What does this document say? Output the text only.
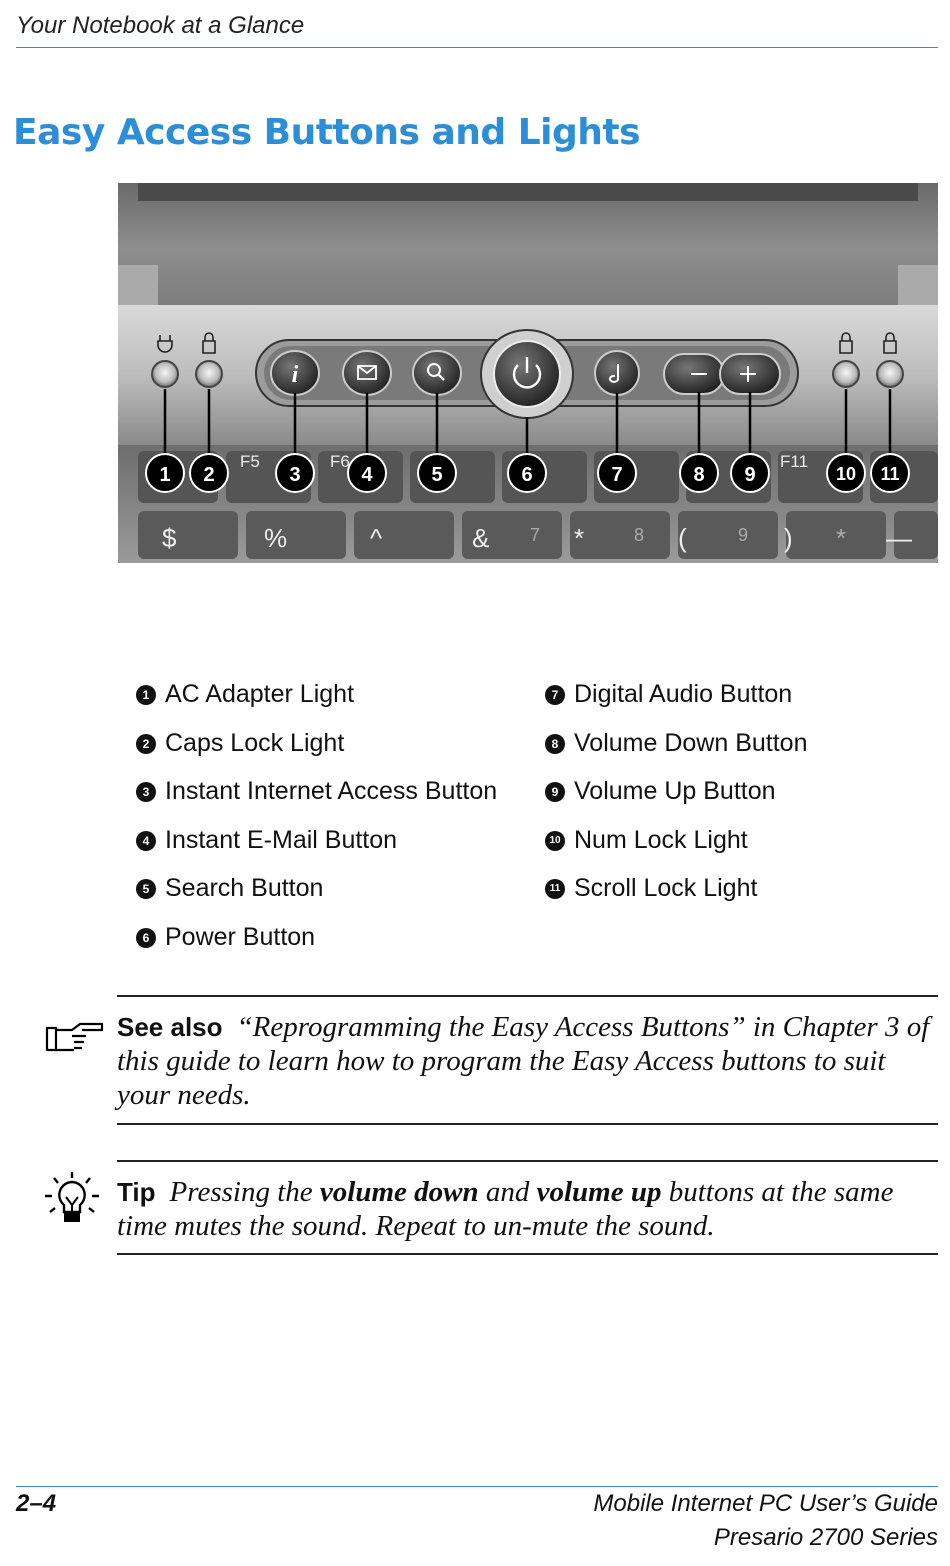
Your Notebook at a Glance
Easy Access Buttons and Lights
F5	F6	F11
$	%	^	& 7 *	8 (	9 ) * —
i
1 2	3	4	5	6	7	8 9	10 11
1 AC Adapter Light
2 Caps Lock Light
3 Instant Internet Access Button
4 Instant E-Mail Button
5 Search Button
6 Power Button
7 Digital Audio Button
8 Volume Down Button
9 Volume Up Button
10 Num Lock Light
11 Scroll Lock Light
See also “Reprogramming the Easy Access Buttons” in Chapter 3 of this guide to learn how to program the Easy Access buttons to suit your needs.
Tip Pressing the volume down and volume up buttons at the same time mutes the sound. Repeat to un-mute the sound.
2–4	Mobile Internet PC User’s Guide
Presario 2700 Series
